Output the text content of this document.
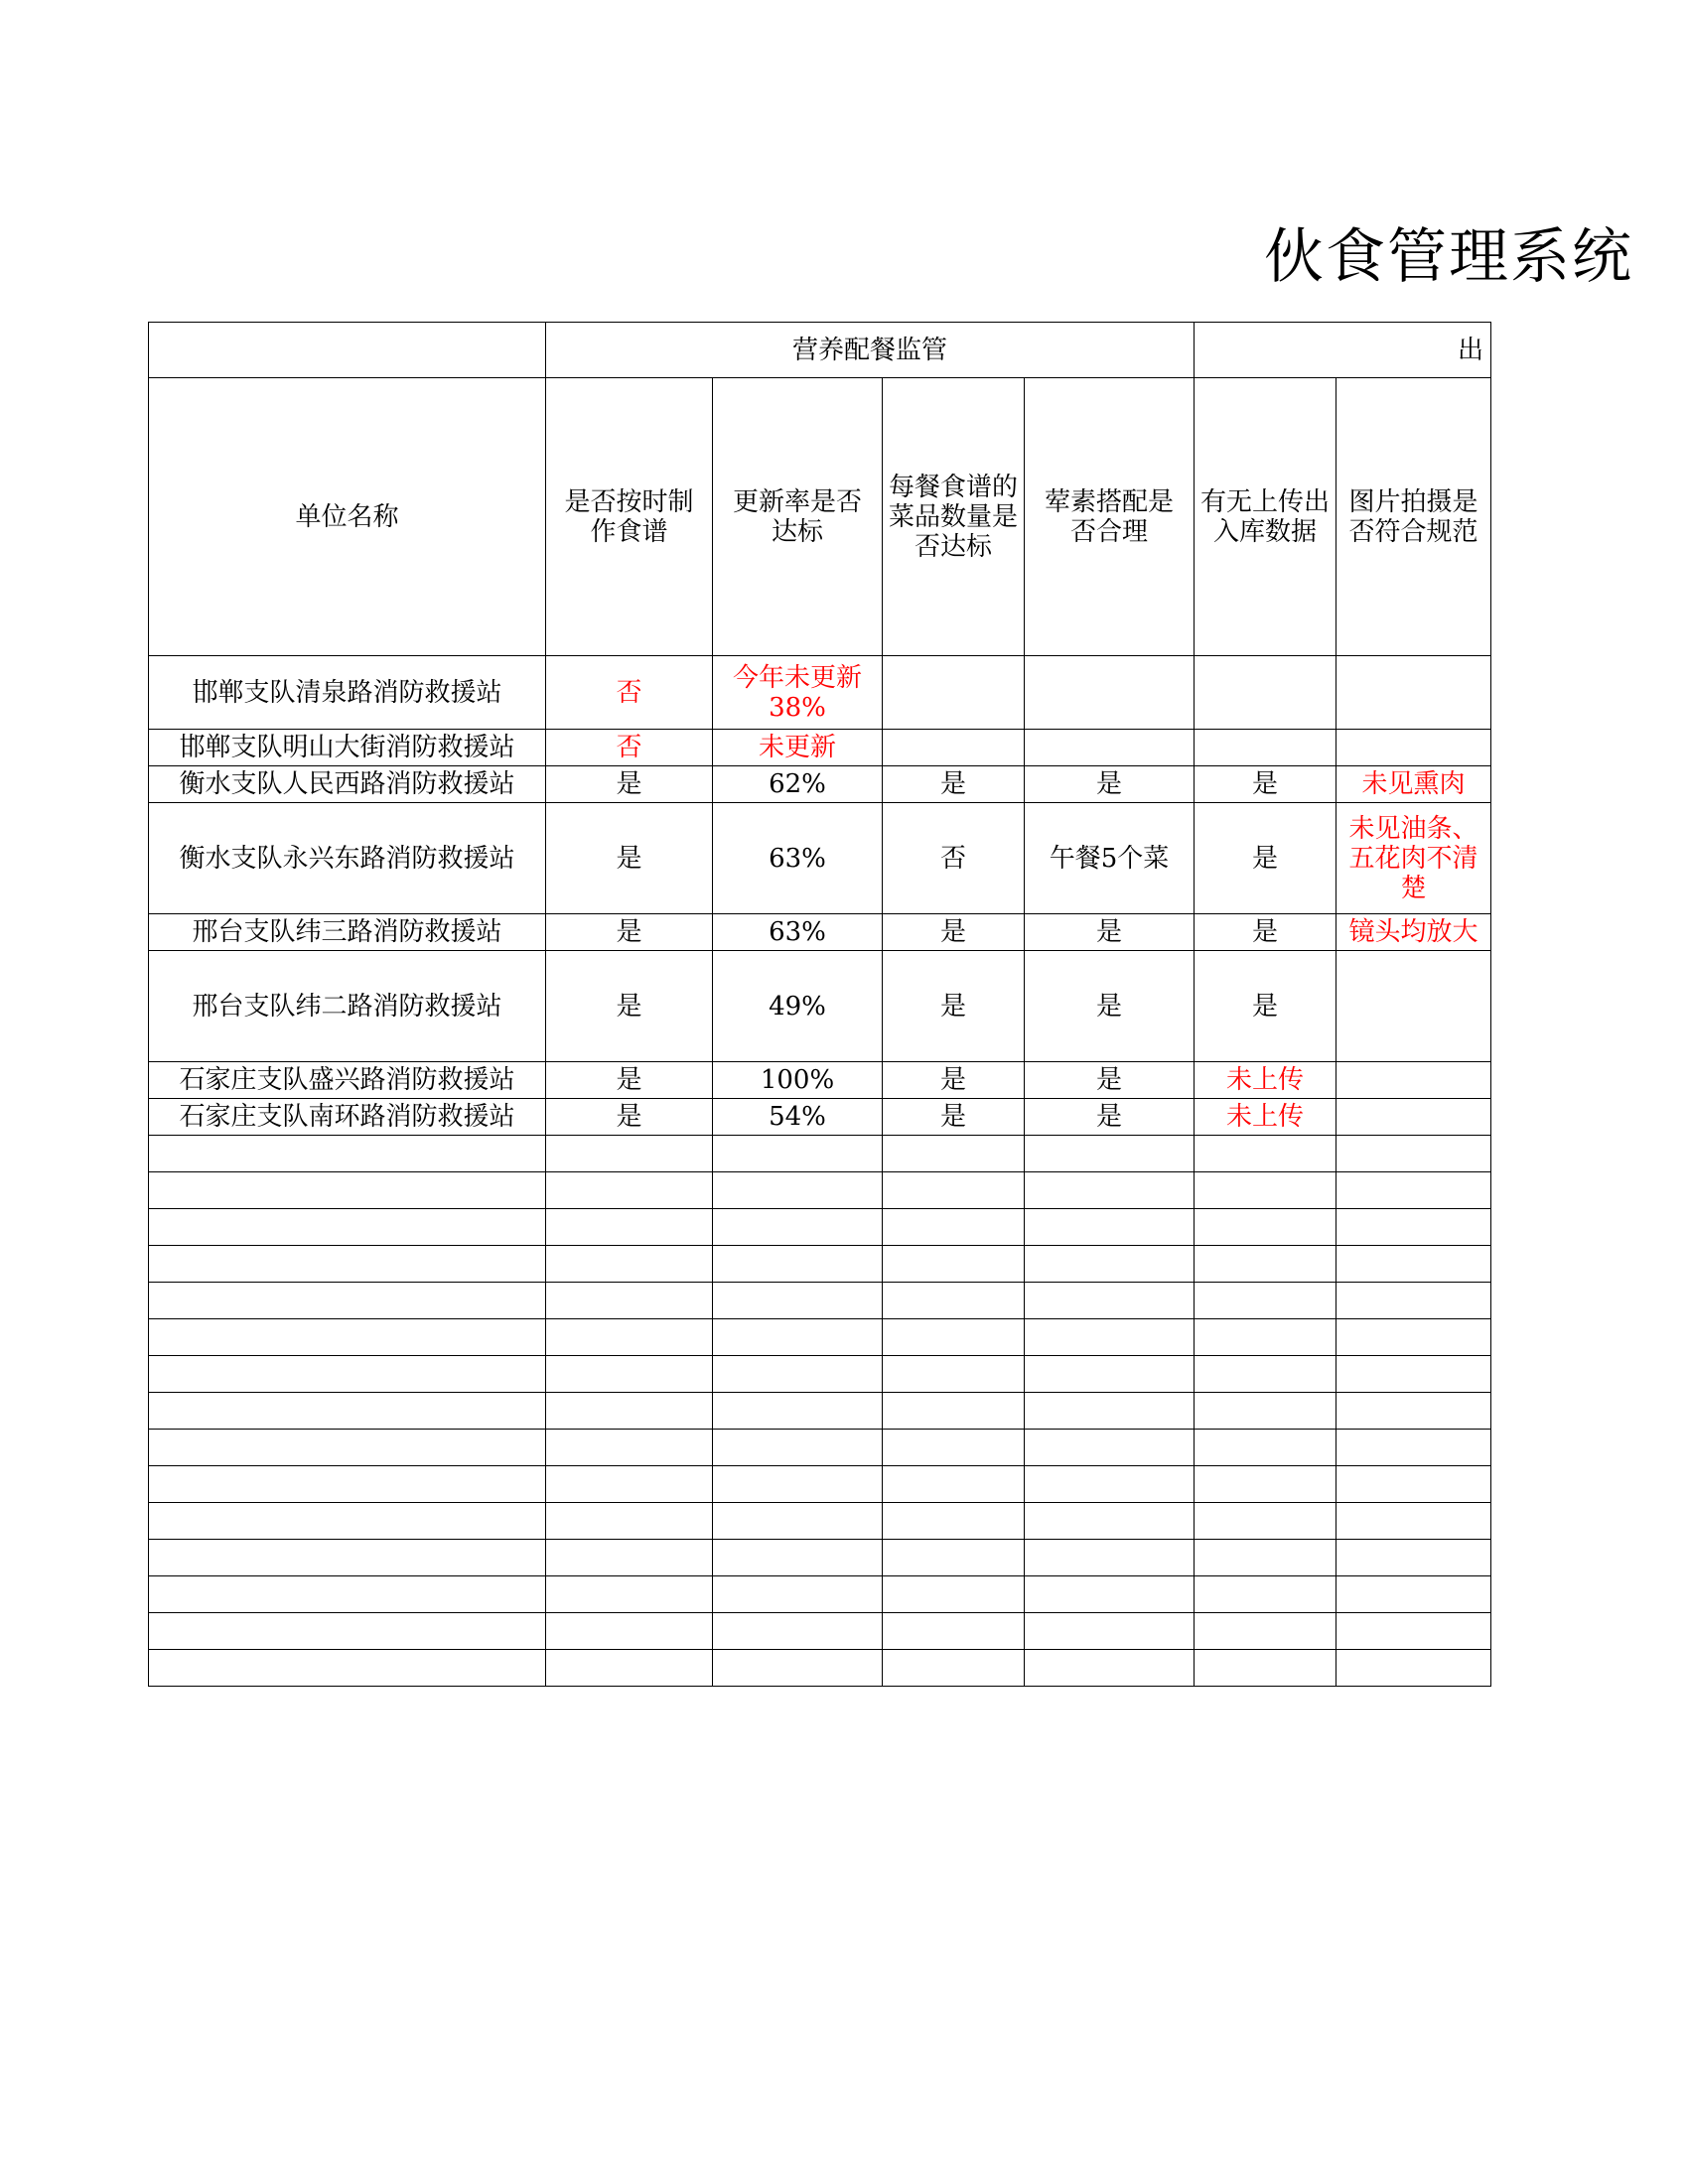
伙食管理系统
	营养配餐监管				出	
单位名称	是否按时制作食谱	更新率是否达标	每餐食谱的菜品数量是否达标	荤素搭配是否合理	有无上传出入库数据	图片拍摄是否符合规范
邯郸支队清泉路消防救援站	否	今年未更新38%				
邯郸支队明山大街消防救援站	否	未更新				
衡水支队人民西路消防救援站	是	62%	是	是	是	未见熏肉
衡水支队永兴东路消防救援站	是	63%	否	午餐5个菜	是	未见油条、五花肉不清楚
邢台支队纬三路消防救援站	是	63%	是	是	是	镜头均放大
邢台支队纬二路消防救援站	是	49%	是	是	是	
石家庄支队盛兴路消防救援站	是	100%	是	是	未上传	
石家庄支队南环路消防救援站	是	54%	是	是	未上传	
